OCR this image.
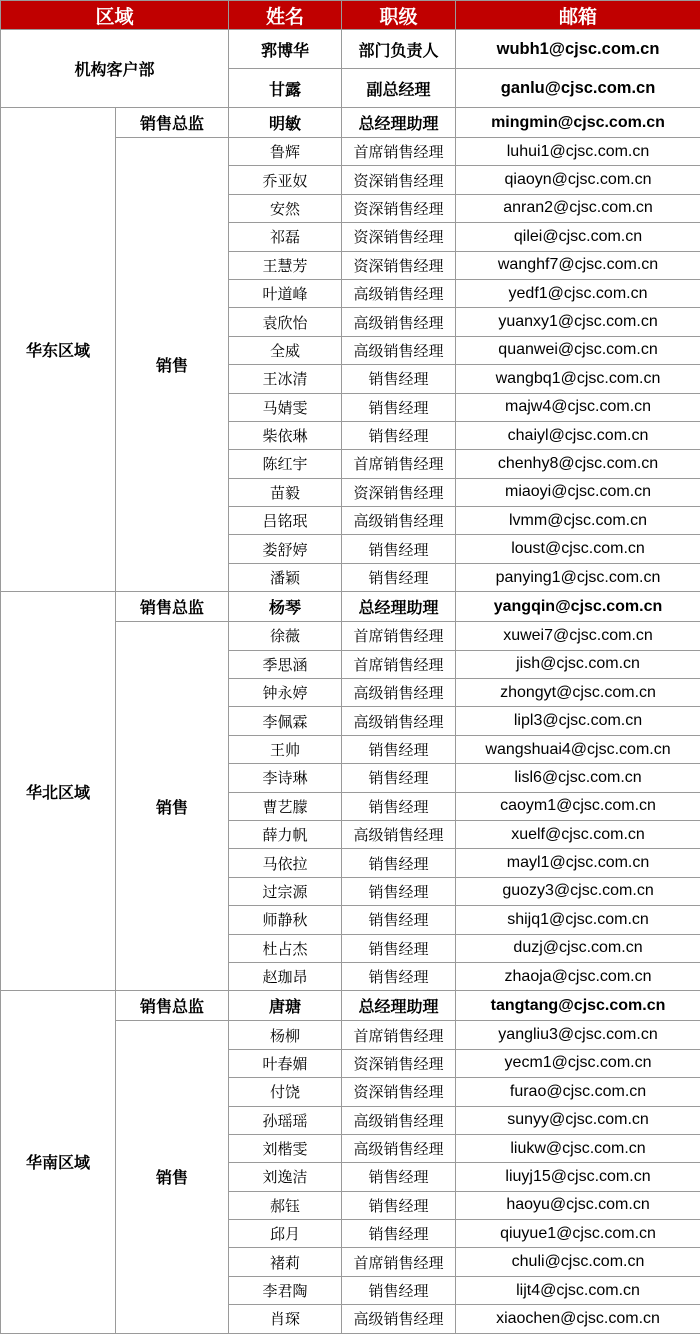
区域		姓名	职级	邮箱
机构客户部		郛博华	部门负责人	wubh1@cjsc.com.cn
		甘露	副总经理	ganlu@cjsc.com.cn
华东区域	销售总监	明敏	总经理助理	mingmin@cjsc.com.cn
	销售	鲁辉	首席销售经理	luhui1@cjsc.com.cn
		乔亚奴	资深销售经理	qiaoyn@cjsc.com.cn
		安然	资深销售经理	anran2@cjsc.com.cn
		祁磊	资深销售经理	qilei@cjsc.com.cn
		王慧芳	资深销售经理	wanghf7@cjsc.com.cn
		叶道峰	高级销售经理	yedf1@cjsc.com.cn
		袁欣怡	高级销售经理	yuanxy1@cjsc.com.cn
		全威	高级销售经理	quanwei@cjsc.com.cn
		王冰清	销售经理	wangbq1@cjsc.com.cn
		马婧雯	销售经理	majw4@cjsc.com.cn
		柴依琳	销售经理	chaiyl@cjsc.com.cn
		陈红宇	首席销售经理	chenhy8@cjsc.com.cn
		苗毅	资深销售经理	miaoyi@cjsc.com.cn
		吕铭珉	高级销售经理	lvmm@cjsc.com.cn
		娄舒婷	销售经理	loust@cjsc.com.cn
		潘颖	销售经理	panying1@cjsc.com.cn
华北区域	销售总监	杨琴	总经理助理	yangqin@cjsc.com.cn
	销售	徐薇	首席销售经理	xuwei7@cjsc.com.cn
		季思涵	首席销售经理	jish@cjsc.com.cn
		钟永婷	高级销售经理	zhongyt@cjsc.com.cn
		李佩霖	高级销售经理	lipl3@cjsc.com.cn
		王帅	销售经理	wangshuai4@cjsc.com.cn
		李诗琳	销售经理	lisl6@cjsc.com.cn
		曹艺朦	销售经理	caoym1@cjsc.com.cn
		薛力帆	高级销售经理	xuelf@cjsc.com.cn
		马依拉	销售经理	mayl1@cjsc.com.cn
		过宗源	销售经理	guozy3@cjsc.com.cn
		师静秋	销售经理	shijq1@cjsc.com.cn
		杜占杰	销售经理	duzj@cjsc.com.cn
		赵珈昂	销售经理	zhaoja@cjsc.com.cn
华南区域	销售总监	唐瑭	总经理助理	tangtang@cjsc.com.cn
	销售	杨柳	首席销售经理	yangliu3@cjsc.com.cn
		叶春媚	资深销售经理	yecm1@cjsc.com.cn
		付饶	资深销售经理	furao@cjsc.com.cn
		孙瑶瑶	高级销售经理	sunyy@cjsc.com.cn
		刘楷雯	高级销售经理	liukw@cjsc.com.cn
		刘逸洁	销售经理	liuyj15@cjsc.com.cn
		郝钰	销售经理	haoyu@cjsc.com.cn
		邱月	销售经理	qiuyue1@cjsc.com.cn
		褚莉	首席销售经理	chuli@cjsc.com.cn
		李君陶	销售经理	lijt4@cjsc.com.cn
		肖琛	高级销售经理	xiaochen@cjsc.com.cn
